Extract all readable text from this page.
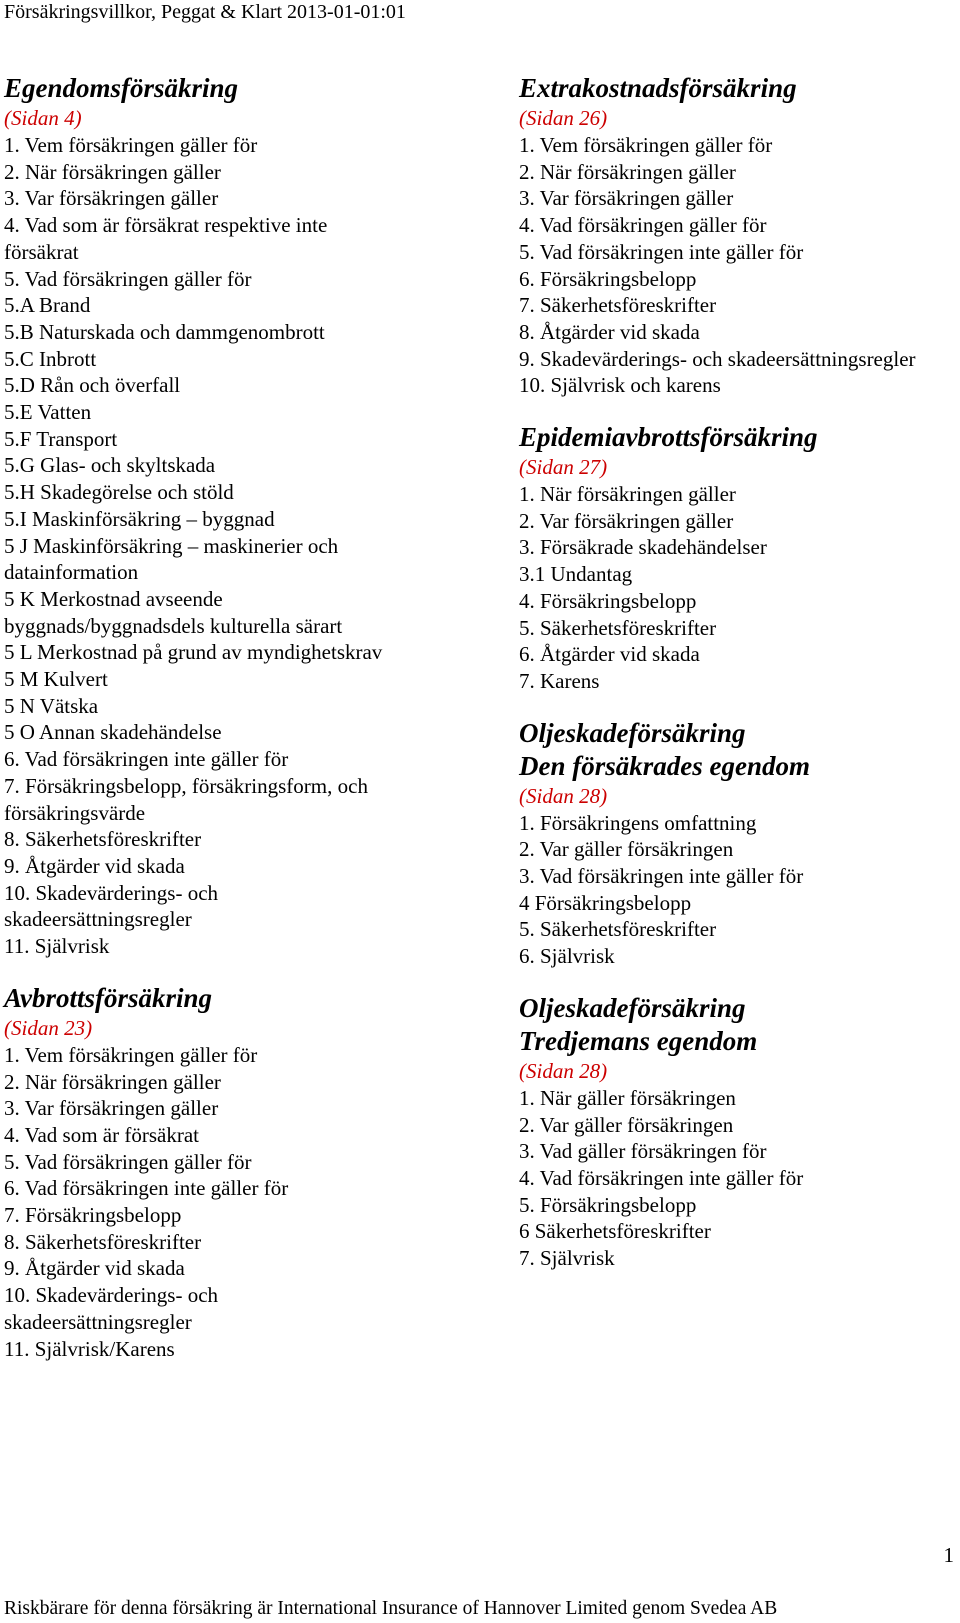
Försäkringsvillkor, Peggat & Klart 2013-01-01:01
Egendomsförsäkring
(Sidan 4)
1. Vem försäkringen gäller för
2. När försäkringen gäller
3. Var försäkringen gäller
4. Vad som är försäkrat respektive inte
försäkrat
5. Vad försäkringen gäller för
5.A Brand
5.B Naturskada och dammgenombrott
5.C Inbrott
5.D Rån och överfall
5.E Vatten
5.F Transport
5.G Glas- och skyltskada
5.H Skadegörelse och stöld
5.I Maskinförsäkring – byggnad
5 J Maskinförsäkring – maskinerier och
datainformation
5 K Merkostnad avseende
byggnads/byggnadsdels kulturella särart
5 L Merkostnad på grund av myndighetskrav
5 M Kulvert
5 N Vätska
5 O Annan skadehändelse
6. Vad försäkringen inte gäller för
7. Försäkringsbelopp, försäkringsform, och
försäkringsvärde
8. Säkerhetsföreskrifter
9. Åtgärder vid skada
10. Skadevärderings- och
skadeersättningsregler
11. Självrisk
Avbrottsförsäkring
(Sidan 23)
1. Vem försäkringen gäller för
2. När försäkringen gäller
3. Var försäkringen gäller
4. Vad som är försäkrat
5. Vad försäkringen gäller för
6. Vad försäkringen inte gäller för
7. Försäkringsbelopp
8. Säkerhetsföreskrifter
9. Åtgärder vid skada
10. Skadevärderings- och
skadeersättningsregler
11. Självrisk/Karens
Extrakostnadsförsäkring
(Sidan 26)
1. Vem försäkringen gäller för
2. När försäkringen gäller
3. Var försäkringen gäller
4. Vad försäkringen gäller för
5. Vad försäkringen inte gäller för
6. Försäkringsbelopp
7. Säkerhetsföreskrifter
8. Åtgärder vid skada
9. Skadevärderings- och skadeersättningsregler
10. Självrisk och karens
Epidemiavbrottsförsäkring
(Sidan 27)
1. När försäkringen gäller
2. Var försäkringen gäller
3. Försäkrade skadehändelser
3.1 Undantag
4. Försäkringsbelopp
5. Säkerhetsföreskrifter
6. Åtgärder vid skada
7. Karens
Oljeskadeförsäkring
Den försäkrades egendom
(Sidan 28)
1. Försäkringens omfattning
2. Var gäller försäkringen
3. Vad försäkringen inte gäller för
4 Försäkringsbelopp
5. Säkerhetsföreskrifter
6. Självrisk
Oljeskadeförsäkring
Tredjemans egendom
(Sidan 28)
1. När gäller försäkringen
2. Var gäller försäkringen
3. Vad gäller försäkringen för
4. Vad försäkringen inte gäller för
5. Försäkringsbelopp
6 Säkerhetsföreskrifter
7. Självrisk
1
Riskbärare för denna försäkring är International Insurance of Hannover Limited genom Svedea AB
